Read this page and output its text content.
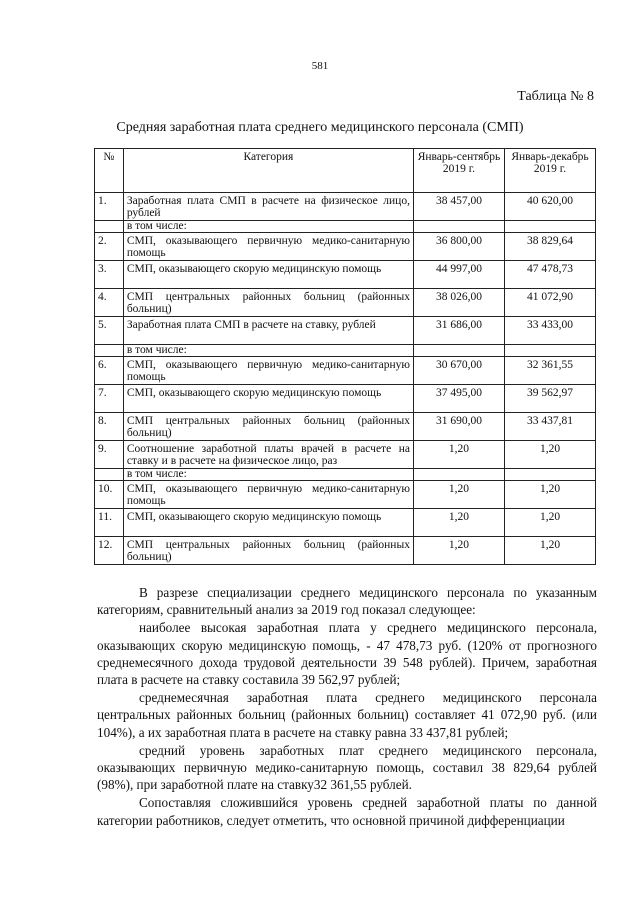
581
Таблица № 8
Средняя заработная плата среднего медицинского персонала (СМП)
№	Категория	Январь-сентябрь 2019 г.	Январь-декабрь 2019 г.
1.	Заработная плата СМП в расчете на физическое лицо, рублей	38 457,00	40 620,00
	в том числе:		
2.	СМП, оказывающего первичную медико-санитарную помощь	36 800,00	38 829,64
3.	СМП, оказывающего скорую медицинскую помощь	44 997,00	47 478,73
4.	СМП центральных районных больниц (районных больниц)	38 026,00	41 072,90
5.	Заработная плата СМП в расчете на ставку, рублей	31 686,00	33 433,00
	в том числе:		
6.	СМП, оказывающего первичную медико-санитарную помощь	30 670,00	32 361,55
7.	СМП, оказывающего скорую медицинскую помощь	37 495,00	39 562,97
8.	СМП центральных районных больниц (районных больниц)	31 690,00	33 437,81
9.	Соотношение заработной платы врачей в расчете на ставку и в расчете на физическое лицо, раз	1,20	1,20
	в том числе:		
10.	СМП, оказывающего первичную медико-санитарную помощь	1,20	1,20
11.	СМП, оказывающего скорую медицинскую помощь	1,20	1,20
12.	СМП центральных районных больниц (районных больниц)	1,20	1,20

В разрезе специализации среднего медицинского персонала по указанным категориям, сравнительный анализ за 2019 год показал следующее:

наиболее высокая заработная плата у среднего медицинского персонала, оказывающих скорую медицинскую помощь, - 47 478,73 руб. (120% от прогнозного среднемесячного дохода трудовой деятельности 39 548 рублей). Причем, заработная плата в расчете на ставку составила 39 562,97 рублей;

среднемесячная заработная плата среднего медицинского персонала центральных районных больниц (районных больниц) составляет 41 072,90 руб. (или 104%), а их заработная плата в расчете на ставку равна 33 437,81 рублей;

средний уровень заработных плат среднего медицинского персонала, оказывающих первичную медико-санитарную помощь, составил 38 829,64 рублей (98%), при заработной плате на ставку32 361,55 рублей.

Сопоставляя сложившийся уровень средней заработной платы по данной категории работников, следует отметить, что основной причиной дифференциации
